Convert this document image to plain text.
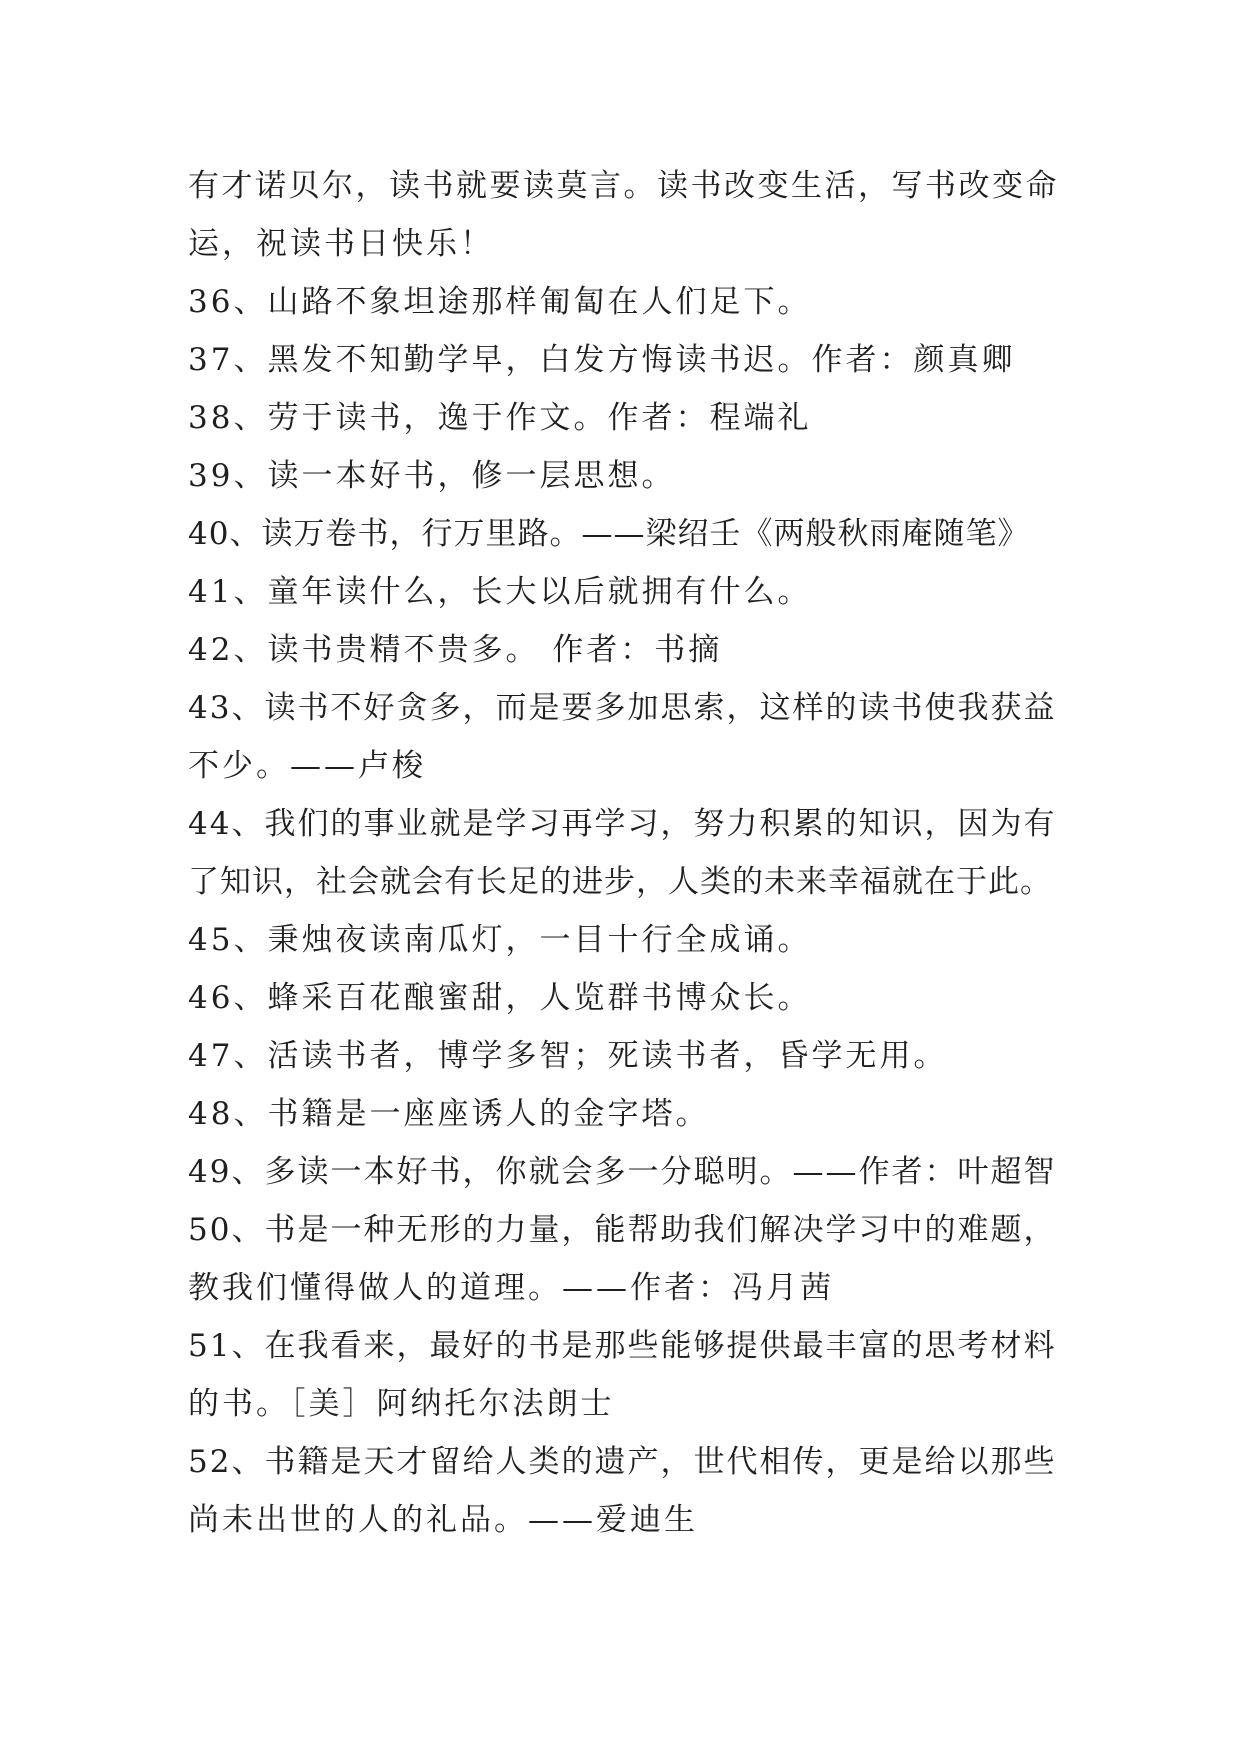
有才诺贝尔，读书就要读莫言。读书改变生活，写书改变命
运，祝读书日快乐！
36、山路不象坦途那样匍匐在人们足下。
37、黑发不知勤学早，白发方悔读书迟。作者：颜真卿
38、劳于读书，逸于作文。作者：程端礼
39、读一本好书，修一层思想。
40、读万卷书，行万里路。——梁绍壬《两般秋雨庵随笔》
41、童年读什么，长大以后就拥有什么。
42、读书贵精不贵多。 作者：书摘
43、读书不好贪多，而是要多加思索，这样的读书使我获益
不少。——卢梭
44、我们的事业就是学习再学习，努力积累的知识，因为有
了知识，社会就会有长足的进步，人类的未来幸福就在于此。
45、秉烛夜读南瓜灯，一目十行全成诵。
46、蜂采百花酿蜜甜，人览群书博众长。
47、活读书者，博学多智；死读书者，昏学无用。
48、书籍是一座座诱人的金字塔。
49、多读一本好书，你就会多一分聪明。——作者：叶超智
50、书是一种无形的力量，能帮助我们解决学习中的难题，
教我们懂得做人的道理。——作者：冯月茜
51、在我看来，最好的书是那些能够提供最丰富的思考材料
的书。［美］阿纳托尔法朗士
52、书籍是天才留给人类的遗产，世代相传，更是给以那些
尚未出世的人的礼品。——爱迪生
